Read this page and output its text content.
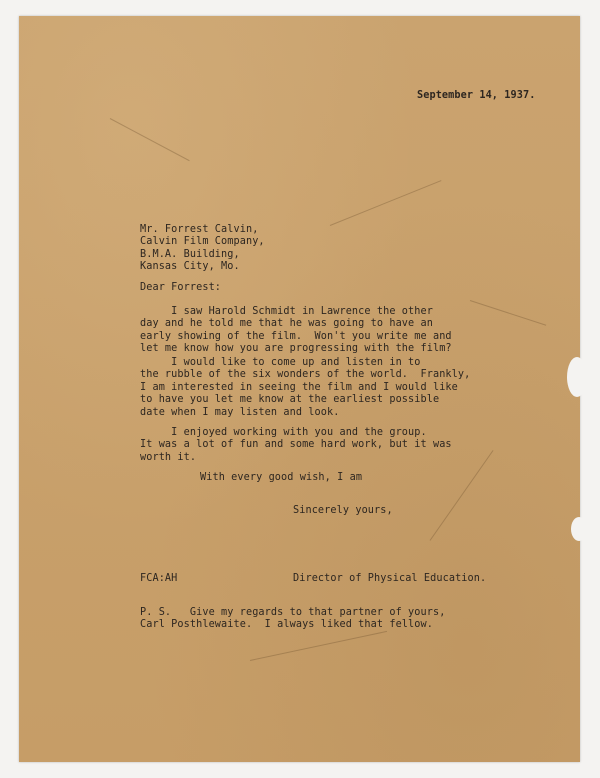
September 14, 1937.
Mr. Forrest Calvin,
Calvin Film Company,
B.M.A. Building,
Kansas City, Mo.
Dear Forrest:
I saw Harold Schmidt in Lawrence the other
day and he told me that he was going to have an
early showing of the film.  Won't you write me and
let me know how you are progressing with the film?
I would like to come up and listen in to
the rubble of the six wonders of the world.  Frankly,
I am interested in seeing the film and I would like
to have you let me know at the earliest possible
date when I may listen and look.
I enjoyed working with you and the group.
It was a lot of fun and some hard work, but it was
worth it.
With every good wish, I am
Sincerely yours,
FCA:AH	Director of Physical Education.
P. S.   Give my regards to that partner of yours,
Carl Posthlewaite.  I always liked that fellow.
